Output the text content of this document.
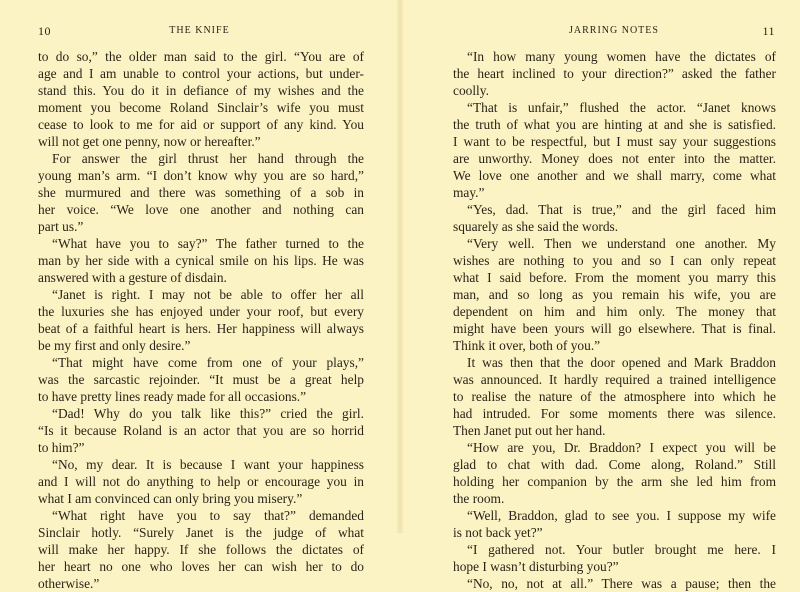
10	THE KNIFE	JARRING NOTES	11
to do so,” the older man said to the girl. “You are of
age and I am unable to control your actions, but under-
stand this. You do it in defiance of my wishes and the
moment you become Roland Sinclair’s wife you must
cease to look to me for aid or support of any kind. You
will not get one penny, now or hereafter.”
For answer the girl thrust her hand through the
young man’s arm. “I don’t know why you are so hard,”
she murmured and there was something of a sob in
her voice. “We love one another and nothing can
part us.”
“What have you to say?” The father turned to the
man by her side with a cynical smile on his lips. He was
answered with a gesture of disdain.
“Janet is right. I may not be able to offer her all
the luxuries she has enjoyed under your roof, but every
beat of a faithful heart is hers. Her happiness will always
be my first and only desire.”
“That might have come from one of your plays,”
was the sarcastic rejoinder. “It must be a great help
to have pretty lines ready made for all occasions.”
“Dad! Why do you talk like this?” cried the girl.
“Is it because Roland is an actor that you are so horrid
to him?”
“No, my dear. It is because I want your happiness
and I will not do anything to help or encourage you in
what I am convinced can only bring you misery.”
“What right have you to say that?” demanded
Sinclair hotly. “Surely Janet is the judge of what
will make her happy. If she follows the dictates of
her heart no one who loves her can wish her to do
otherwise.”
“In how many young women have the dictates of
the heart inclined to your direction?” asked the father
coolly.
“That is unfair,” flushed the actor. “Janet knows
the truth of what you are hinting at and she is satisfied.
I want to be respectful, but I must say your suggestions
are unworthy. Money does not enter into the matter.
We love one another and we shall marry, come what
may.”
“Yes, dad. That is true,” and the girl faced him
squarely as she said the words.
“Very well. Then we understand one another. My
wishes are nothing to you and so I can only repeat
what I said before. From the moment you marry this
man, and so long as you remain his wife, you are
dependent on him and him only. The money that
might have been yours will go elsewhere. That is final.
Think it over, both of you.”
It was then that the door opened and Mark Braddon
was announced. It hardly required a trained intelligence
to realise the nature of the atmosphere into which he
had intruded. For some moments there was silence.
Then Janet put out her hand.
“How are you, Dr. Braddon? I expect you will be
glad to chat with dad. Come along, Roland.” Still
holding her companion by the arm she led him from
the room.
“Well, Braddon, glad to see you. I suppose my wife
is not back yet?”
“I gathered not. Your butler brought me here. I
hope I wasn’t disturbing you?”
“No, no, not at all.” There was a pause; then the
